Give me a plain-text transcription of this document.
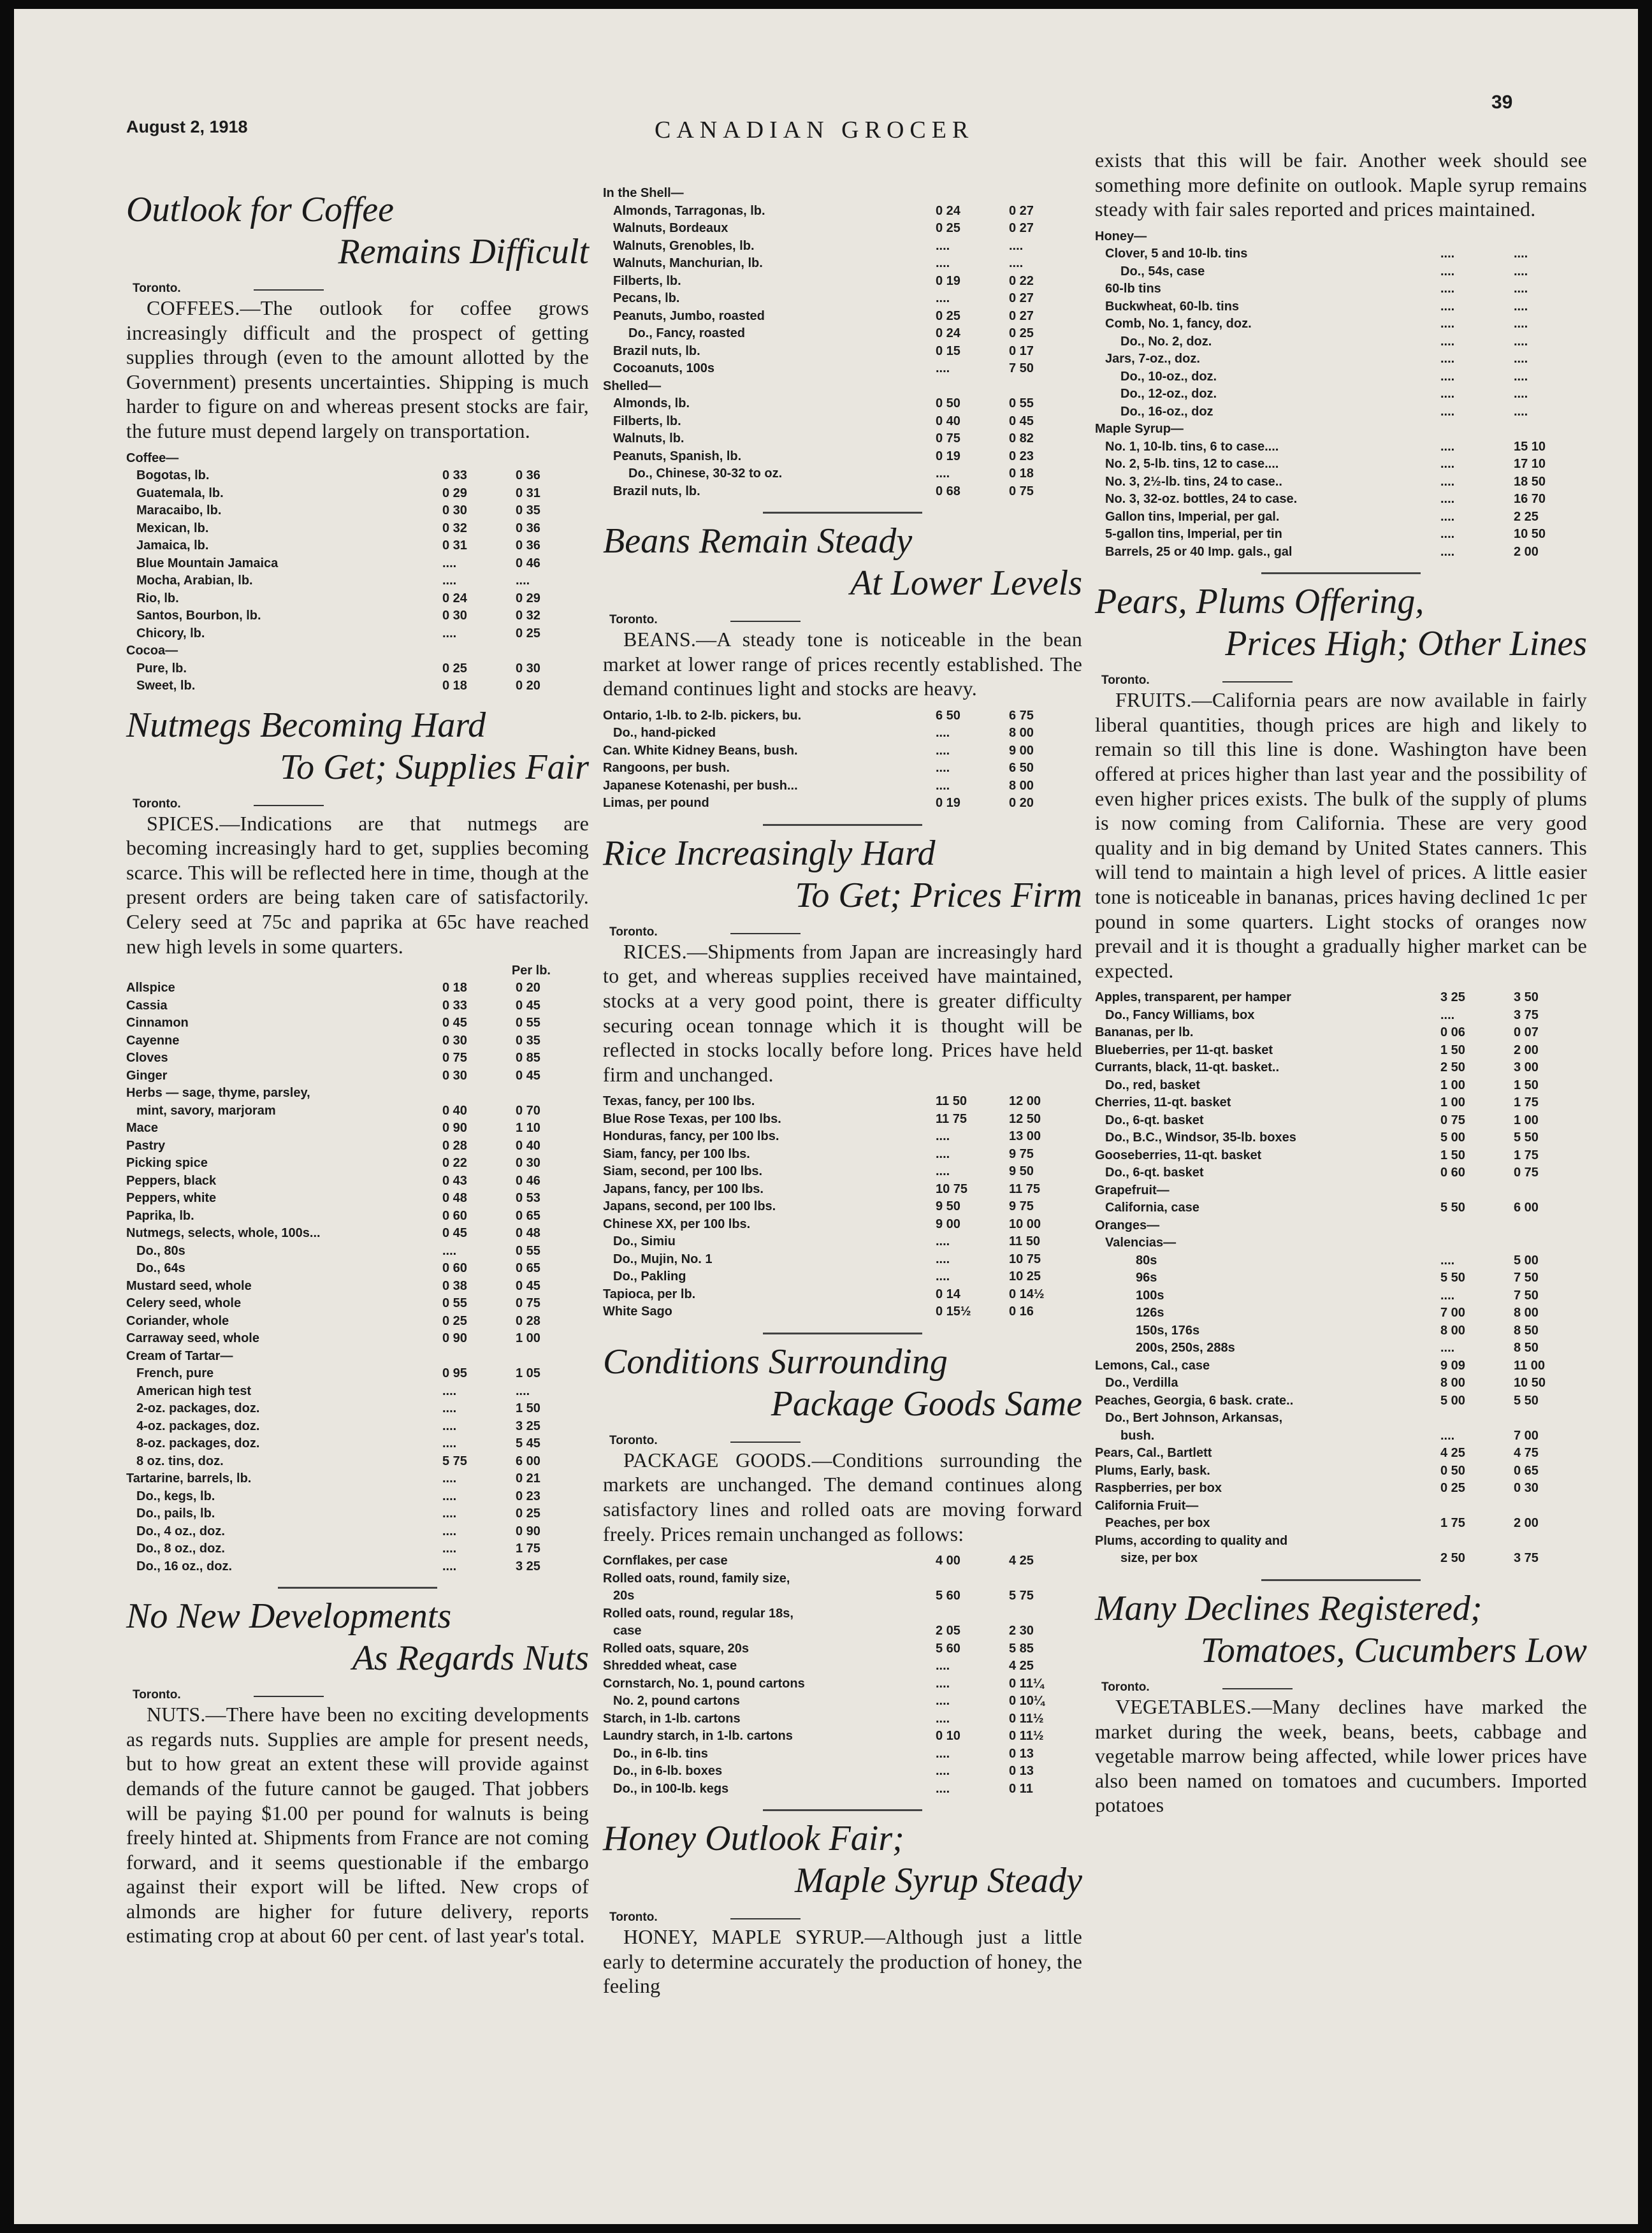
August 2, 1918	CANADIAN GROCER
39
Outlook for Coffee
Remains Difficult
Toronto.

COFFEES.—The outlook for coffee grows increasingly difficult and the prospect of getting supplies through (even to the amount allotted by the Government) presents uncertainties. Shipping is much harder to figure on and whereas present stocks are fair, the future must depend largely on transportation.

Coffee—		
Bogotas, lb.	0 33	0 36
Guatemala, lb.	0 29	0 31
Maracaibo, lb.	0 30	0 35
Mexican, lb.	0 32	0 36
Jamaica, lb.	0 31	0 36
Blue Mountain Jamaica	....	0 46
Mocha, Arabian, lb.	....	....
Rio, lb.	0 24	0 29
Santos, Bourbon, lb.	0 30	0 32
Chicory, lb.	....	0 25
Cocoa—		
Pure, lb.	0 25	0 30
Sweet, lb.	0 18	0 20
Nutmegs Becoming Hard
To Get; Supplies Fair
Toronto.

SPICES.—Indications are that nutmegs are becoming increasingly hard to get, supplies becoming scarce. This will be reflected here in time, though at the present orders are being taken care of satisfactorily. Celery seed at 75c and paprika at 65c have reached new high levels in some quarters.

Per lb.
Allspice	0 18	0 20
Cassia	0 33	0 45
Cinnamon	0 45	0 55
Cayenne	0 30	0 35
Cloves	0 75	0 85
Ginger	0 30	0 45
Herbs — sage, thyme, parsley,		
mint, savory, marjoram	0 40	0 70
Mace	0 90	1 10
Pastry	0 28	0 40
Picking spice	0 22	0 30
Peppers, black	0 43	0 46
Peppers, white	0 48	0 53
Paprika, lb.	0 60	0 65
Nutmegs, selects, whole, 100s...	0 45	0 48
Do., 80s	....	0 55
Do., 64s	0 60	0 65
Mustard seed, whole	0 38	0 45
Celery seed, whole	0 55	0 75
Coriander, whole	0 25	0 28
Carraway seed, whole	0 90	1 00
Cream of Tartar—		
French, pure	0 95	1 05
American high test	....	....
2-oz. packages, doz.	....	1 50
4-oz. packages, doz.	....	3 25
8-oz. packages, doz.	....	5 45
8 oz. tins, doz.	5 75	6 00
Tartarine, barrels, lb.	....	0 21
Do., kegs, lb.	....	0 23
Do., pails, lb.	....	0 25
Do., 4 oz., doz.	....	0 90
Do., 8 oz., doz.	....	1 75
Do., 16 oz., doz.	....	3 25
No New Developments
As Regards Nuts
Toronto.

NUTS.—There have been no exciting developments as regards nuts. Supplies are ample for present needs, but to how great an extent these will provide against demands of the future cannot be gauged. That jobbers will be paying $1.00 per pound for walnuts is being freely hinted at. Shipments from France are not coming forward, and it seems questionable if the embargo against their export will be lifted. New crops of almonds are higher for future delivery, reports estimating crop at about 60 per cent. of last year's total.

In the Shell—		
Almonds, Tarragonas, lb.	0 24	0 27
Walnuts, Bordeaux	0 25	0 27
Walnuts, Grenobles, lb.	....	....
Walnuts, Manchurian, lb.	....	....
Filberts, lb.	0 19	0 22
Pecans, lb.	....	0 27
Peanuts, Jumbo, roasted	0 25	0 27
Do., Fancy, roasted	0 24	0 25
Brazil nuts, lb.	0 15	0 17
Cocoanuts, 100s	....	7 50
Shelled—		
Almonds, lb.	0 50	0 55
Filberts, lb.	0 40	0 45
Walnuts, lb.	0 75	0 82
Peanuts, Spanish, lb.	0 19	0 23
Do., Chinese, 30-32 to oz.	....	0 18
Brazil nuts, lb.	0 68	0 75
Beans Remain Steady
At Lower Levels
Toronto.

BEANS.—A steady tone is noticeable in the bean market at lower range of prices recently established. The demand continues light and stocks are heavy.

Ontario, 1-lb. to 2-lb. pickers, bu.	6 50	6 75
Do., hand-picked	....	8 00
Can. White Kidney Beans, bush.	....	9 00
Rangoons, per bush.	....	6 50
Japanese Kotenashi, per bush...	....	8 00
Limas, per pound	0 19	0 20
Rice Increasingly Hard
To Get; Prices Firm
Toronto.

RICES.—Shipments from Japan are increasingly hard to get, and whereas supplies received have maintained, stocks at a very good point, there is greater difficulty securing ocean tonnage which it is thought will be reflected in stocks locally before long. Prices have held firm and unchanged.

Texas, fancy, per 100 lbs.	11 50	12 00
Blue Rose Texas, per 100 lbs.	11 75	12 50
Honduras, fancy, per 100 lbs.	....	13 00
Siam, fancy, per 100 lbs.	....	9 75
Siam, second, per 100 lbs.	....	9 50
Japans, fancy, per 100 lbs.	10 75	11 75
Japans, second, per 100 lbs.	9 50	9 75
Chinese XX, per 100 lbs.	9 00	10 00
Do., Simiu	....	11 50
Do., Mujin, No. 1	....	10 75
Do., Pakling	....	10 25
Tapioca, per lb.	0 14	0 14½
White Sago	0 15½	0 16
Conditions Surrounding
Package Goods Same
Toronto.

PACKAGE GOODS.—Conditions surrounding the markets are unchanged. The demand continues along satisfactory lines and rolled oats are moving forward freely. Prices remain unchanged as follows:

Cornflakes, per case	4 00	4 25
Rolled oats, round, family size,		
20s	5 60	5 75
Rolled oats, round, regular 18s,		
case	2 05	2 30
Rolled oats, square, 20s	5 60	5 85
Shredded wheat, case	....	4 25
Cornstarch, No. 1, pound cartons	....	0 11¼
No. 2, pound cartons	....	0 10¼
Starch, in 1-lb. cartons	....	0 11½
Laundry starch, in 1-lb. cartons	0 10	0 11½
Do., in 6-lb. tins	....	0 13
Do., in 6-lb. boxes	....	0 13
Do., in 100-lb. kegs	....	0 11
Honey Outlook Fair;
Maple Syrup Steady
Toronto.

HONEY, MAPLE SYRUP.—Although just a little early to determine accurately the production of honey, the feeling

exists that this will be fair. Another week should see something more definite on outlook. Maple syrup remains steady with fair sales reported and prices maintained.

Honey—		
Clover, 5 and 10-lb. tins	....	....
Do., 54s, case	....	....
60-lb tins	....	....
Buckwheat, 60-lb. tins	....	....
Comb, No. 1, fancy, doz.	....	....
Do., No. 2, doz.	....	....
Jars, 7-oz., doz.	....	....
Do., 10-oz., doz.	....	....
Do., 12-oz., doz.	....	....
Do., 16-oz., doz	....	....
Maple Syrup—		
No. 1, 10-lb. tins, 6 to case....	....	15 10
No. 2, 5-lb. tins, 12 to case....	....	17 10
No. 3, 2½-lb. tins, 24 to case..	....	18 50
No. 3, 32-oz. bottles, 24 to case.	....	16 70
Gallon tins, Imperial, per gal.	....	2 25
5-gallon tins, Imperial, per tin	....	10 50
Barrels, 25 or 40 Imp. gals., gal	....	2 00
Pears, Plums Offering,
Prices High; Other Lines
Toronto.

FRUITS.—California pears are now available in fairly liberal quantities, though prices are high and likely to remain so till this line is done. Washington have been offered at prices higher than last year and the possibility of even higher prices exists. The bulk of the supply of plums is now coming from California. These are very good quality and in big demand by United States canners. This will tend to maintain a high level of prices. A little easier tone is noticeable in bananas, prices having declined 1c per pound in some quarters. Light stocks of oranges now prevail and it is thought a gradually higher market can be expected.

Apples, transparent, per hamper	3 25	3 50
Do., Fancy Williams, box	....	3 75
Bananas, per lb.	0 06	0 07
Blueberries, per 11-qt. basket	1 50	2 00
Currants, black, 11-qt. basket..	2 50	3 00
Do., red, basket	1 00	1 50
Cherries, 11-qt. basket	1 00	1 75
Do., 6-qt. basket	0 75	1 00
Do., B.C., Windsor, 35-lb. boxes	5 00	5 50
Gooseberries, 11-qt. basket	1 50	1 75
Do., 6-qt. basket	0 60	0 75
Grapefruit—		
California, case	5 50	6 00
Oranges—		
Valencias—		
80s	....	5 00
96s	5 50	7 50
100s	....	7 50
126s	7 00	8 00
150s, 176s	8 00	8 50
200s, 250s, 288s	....	8 50
Lemons, Cal., case	9 09	11 00
Do., Verdilla	8 00	10 50
Peaches, Georgia, 6 bask. crate..	5 00	5 50
Do., Bert Johnson, Arkansas,		
bush.	....	7 00
Pears, Cal., Bartlett	4 25	4 75
Plums, Early, bask.	0 50	0 65
Raspberries, per box	0 25	0 30
California Fruit—		
Peaches, per box	1 75	2 00
Plums, according to quality and		
size, per box	2 50	3 75
Many Declines Registered;
Tomatoes, Cucumbers Low
Toronto.

VEGETABLES.—Many declines have marked the market during the week, beans, beets, cabbage and vegetable marrow being affected, while lower prices have also been named on tomatoes and cucumbers. Imported potatoes
